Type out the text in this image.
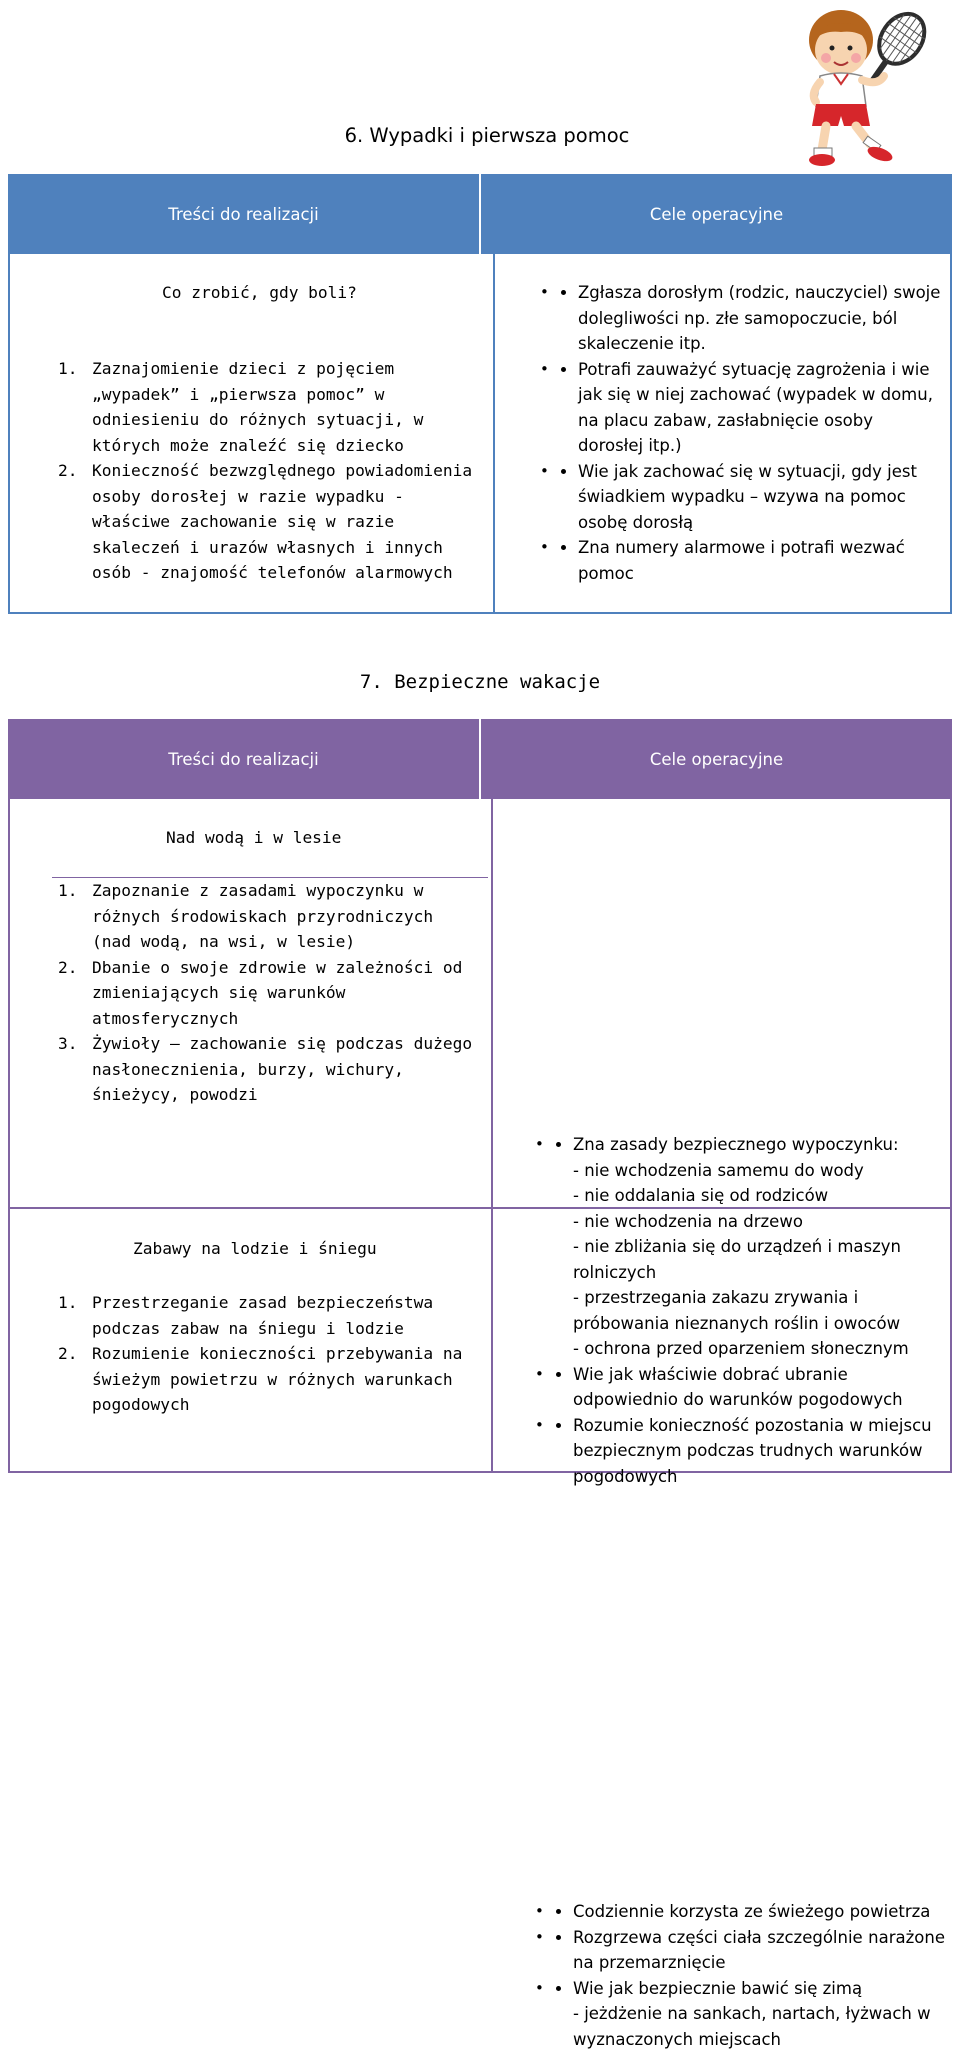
6. Wypadki i pierwsza pomoc
Treści do realizacji	Cele operacyjne
Co zrobić, gdy boli?
1. Zaznajomienie dzieci z pojęciem „wypadek” i „pierwsza pomoc” w odniesieniu do różnych sytuacji, w których może znaleźć się dziecko
2. Konieczność bezwzględnego powiadomienia osoby dorosłej w razie wypadku - właściwe zachowanie się w razie skaleczeń i urazów własnych i innych osób - znajomość telefonów alarmowych
• • Zgłasza dorosłym (rodzic, nauczyciel) swoje dolegliwości np. złe samopoczucie, ból skaleczenie itp.
• • Potrafi zauważyć sytuację zagrożenia i wie jak się w niej zachować (wypadek w domu, na placu zabaw, zasłabnięcie osoby dorosłej itp.)
• • Wie jak zachować się w sytuacji, gdy jest świadkiem wypadku – wzywa na pomoc osobę dorosłą
• • Zna numery alarmowe i potrafi wezwać pomoc
7. Bezpieczne wakacje
Treści do realizacji	Cele operacyjne
Nad wodą i w lesie
1. Zapoznanie z zasadami wypoczynku w różnych środowiskach przyrodniczych (nad wodą, na wsi, w lesie)
2. Dbanie o swoje zdrowie w zależności od zmieniających się warunków atmosferycznych
3. Żywioły – zachowanie się podczas dużego nasłonecznienia, burzy, wichury, śnieżycy, powodzi
• • Zna zasady bezpiecznego wypoczynku:
- nie wchodzenia samemu do wody
- nie oddalania się od rodziców
- nie wchodzenia na drzewo
- nie zbliżania się do urządzeń i maszyn rolniczych
- przestrzegania zakazu zrywania i próbowania nieznanych roślin i owoców
- ochrona przed oparzeniem słonecznym
• • Wie jak właściwie dobrać ubranie odpowiednio do warunków pogodowych
• • Rozumie konieczność pozostania w miejscu bezpiecznym podczas trudnych warunków pogodowych
Zabawy na lodzie i śniegu
1. Przestrzeganie zasad bezpieczeństwa podczas zabaw na śniegu i lodzie
2. Rozumienie konieczności przebywania na świeżym powietrzu w różnych warunkach pogodowych
• • Codziennie korzysta ze świeżego powietrza
• • Rozgrzewa części ciała szczególnie narażone na przemarznięcie
• • Wie jak bezpiecznie bawić się zimą
- jeżdżenie na sankach, nartach, łyżwach w wyznaczonych miejscach
